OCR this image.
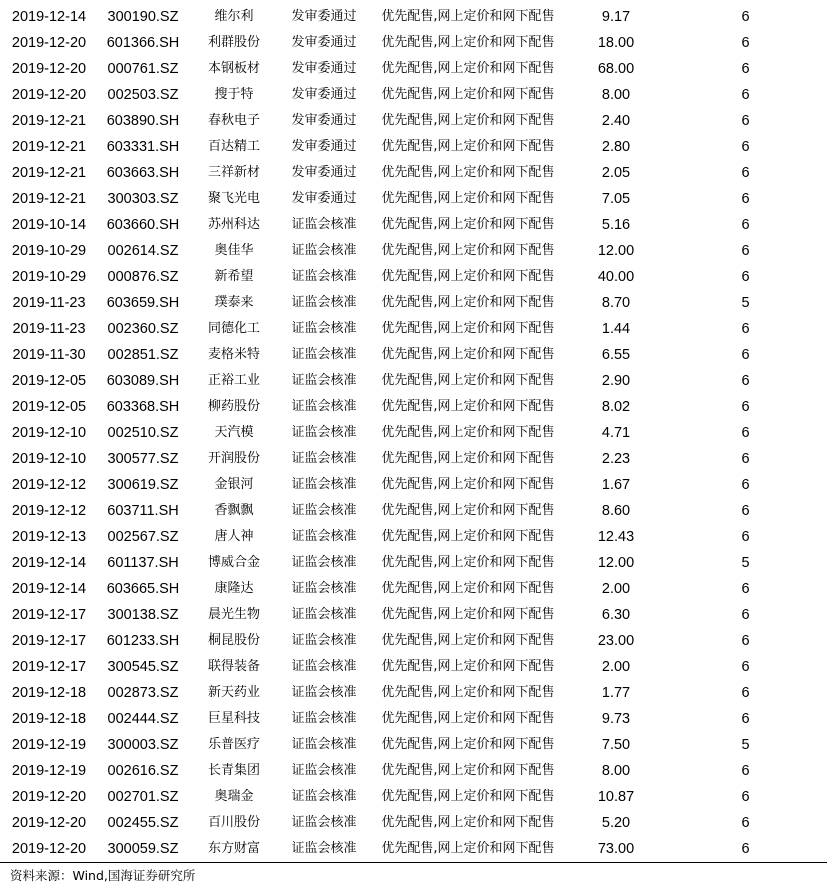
2019-12-14	300190.SZ	维尔利	发审委通过	优先配售,网上定价和网下配售	9.17	6
2019-12-20	601366.SH	利群股份	发审委通过	优先配售,网上定价和网下配售	18.00	6
2019-12-20	000761.SZ	本钢板材	发审委通过	优先配售,网上定价和网下配售	68.00	6
2019-12-20	002503.SZ	搜于特	发审委通过	优先配售,网上定价和网下配售	8.00	6
2019-12-21	603890.SH	春秋电子	发审委通过	优先配售,网上定价和网下配售	2.40	6
2019-12-21	603331.SH	百达精工	发审委通过	优先配售,网上定价和网下配售	2.80	6
2019-12-21	603663.SH	三祥新材	发审委通过	优先配售,网上定价和网下配售	2.05	6
2019-12-21	300303.SZ	聚飞光电	发审委通过	优先配售,网上定价和网下配售	7.05	6
2019-10-14	603660.SH	苏州科达	证监会核准	优先配售,网上定价和网下配售	5.16	6
2019-10-29	002614.SZ	奥佳华	证监会核准	优先配售,网上定价和网下配售	12.00	6
2019-10-29	000876.SZ	新希望	证监会核准	优先配售,网上定价和网下配售	40.00	6
2019-11-23	603659.SH	璞泰来	证监会核准	优先配售,网上定价和网下配售	8.70	5
2019-11-23	002360.SZ	同德化工	证监会核准	优先配售,网上定价和网下配售	1.44	6
2019-11-30	002851.SZ	麦格米特	证监会核准	优先配售,网上定价和网下配售	6.55	6
2019-12-05	603089.SH	正裕工业	证监会核准	优先配售,网上定价和网下配售	2.90	6
2019-12-05	603368.SH	柳药股份	证监会核准	优先配售,网上定价和网下配售	8.02	6
2019-12-10	002510.SZ	天汽模	证监会核准	优先配售,网上定价和网下配售	4.71	6
2019-12-10	300577.SZ	开润股份	证监会核准	优先配售,网上定价和网下配售	2.23	6
2019-12-12	300619.SZ	金银河	证监会核准	优先配售,网上定价和网下配售	1.67	6
2019-12-12	603711.SH	香飘飘	证监会核准	优先配售,网上定价和网下配售	8.60	6
2019-12-13	002567.SZ	唐人神	证监会核准	优先配售,网上定价和网下配售	12.43	6
2019-12-14	601137.SH	博威合金	证监会核准	优先配售,网上定价和网下配售	12.00	5
2019-12-14	603665.SH	康隆达	证监会核准	优先配售,网上定价和网下配售	2.00	6
2019-12-17	300138.SZ	晨光生物	证监会核准	优先配售,网上定价和网下配售	6.30	6
2019-12-17	601233.SH	桐昆股份	证监会核准	优先配售,网上定价和网下配售	23.00	6
2019-12-17	300545.SZ	联得装备	证监会核准	优先配售,网上定价和网下配售	2.00	6
2019-12-18	002873.SZ	新天药业	证监会核准	优先配售,网上定价和网下配售	1.77	6
2019-12-18	002444.SZ	巨星科技	证监会核准	优先配售,网上定价和网下配售	9.73	6
2019-12-19	300003.SZ	乐普医疗	证监会核准	优先配售,网上定价和网下配售	7.50	5
2019-12-19	002616.SZ	长青集团	证监会核准	优先配售,网上定价和网下配售	8.00	6
2019-12-20	002701.SZ	奥瑞金	证监会核准	优先配售,网上定价和网下配售	10.87	6
2019-12-20	002455.SZ	百川股份	证监会核准	优先配售,网上定价和网下配售	5.20	6
2019-12-20	300059.SZ	东方财富	证监会核准	优先配售,网上定价和网下配售	73.00	6
资料来源：Wind,国海证券研究所
